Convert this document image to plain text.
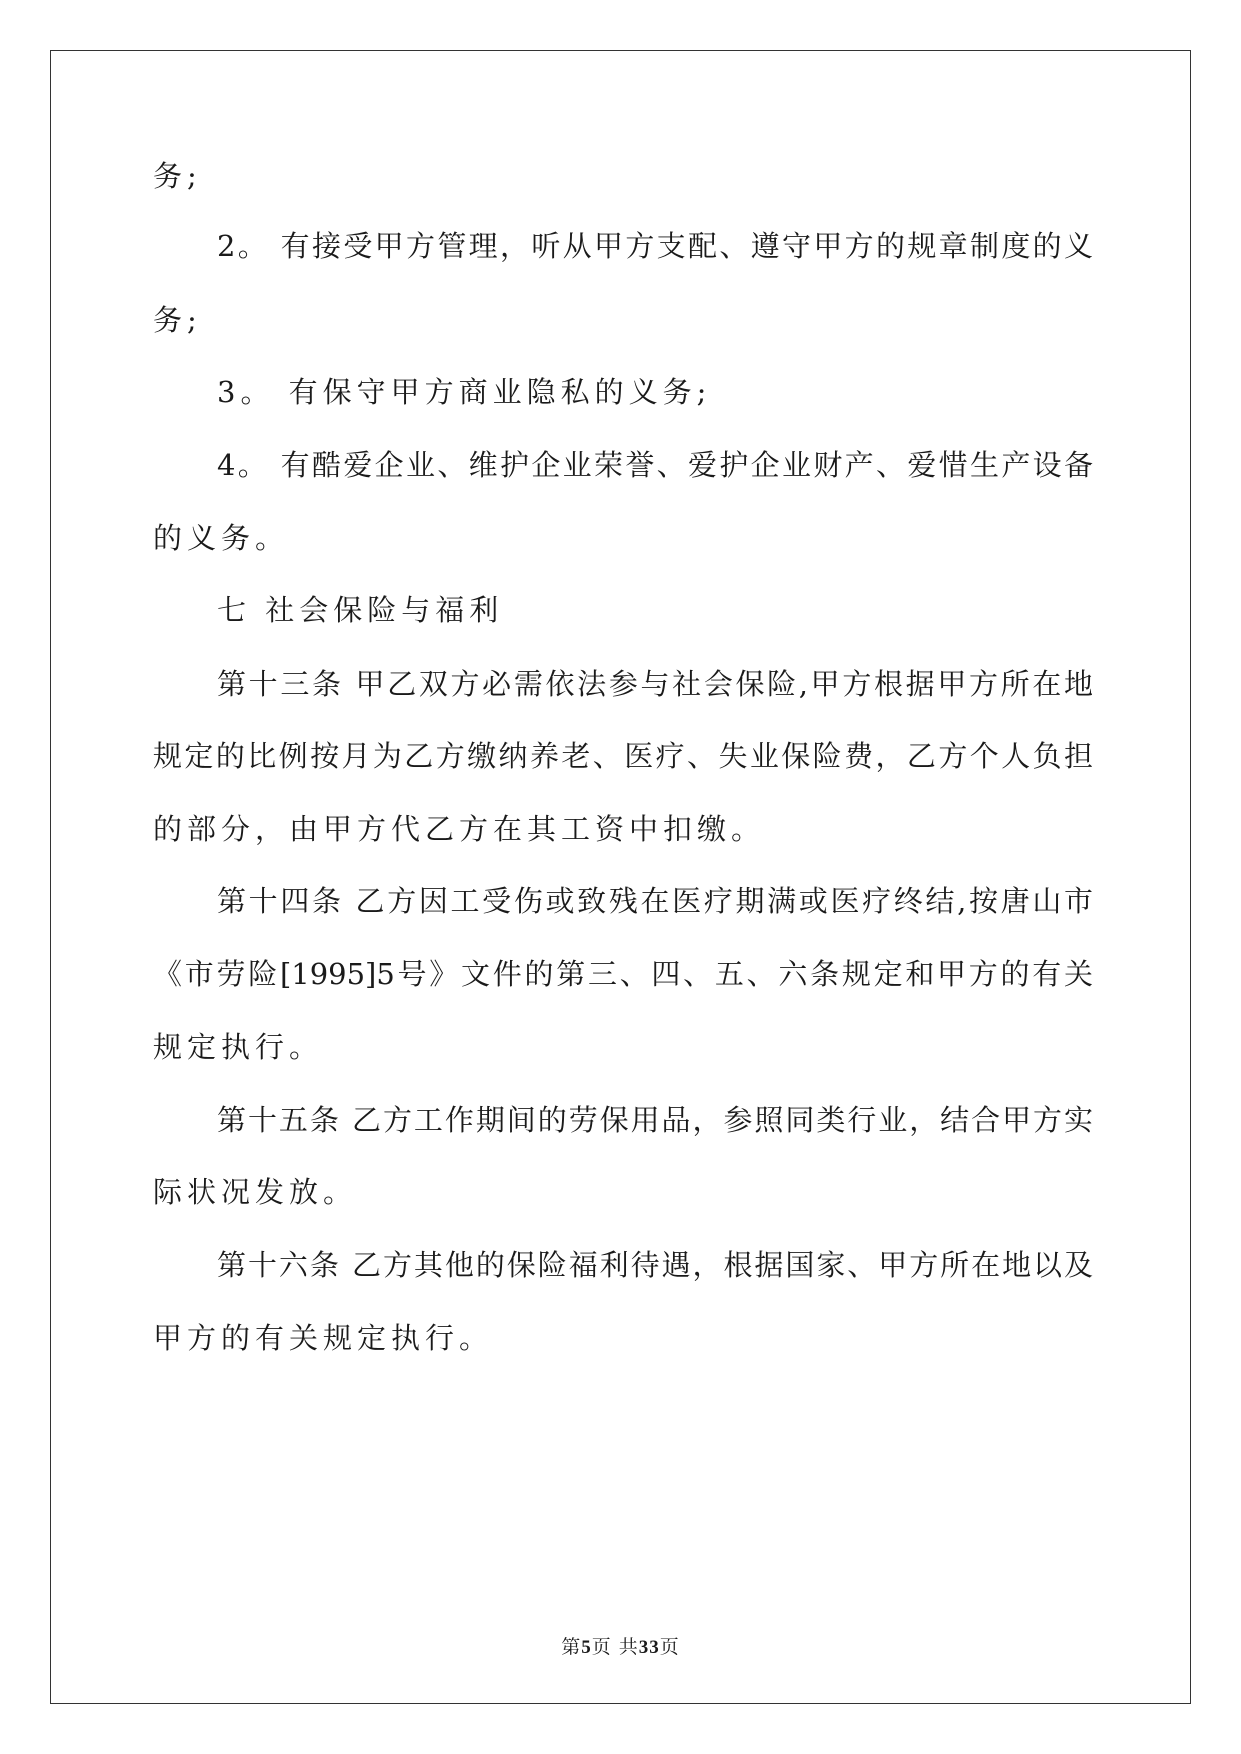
务;
2。 有接受甲方管理，听从甲方支配、遵守甲方的规章制度的义
务;
3。 有保守甲方商业隐私的义务;
4。 有酷爱企业、维护企业荣誉、爱护企业财产、爱惜生产设备
的义务。
七 社会保险与福利
第十三条 甲乙双方必需依法参与社会保险,甲方根据甲方所在地
规定的比例按月为乙方缴纳养老、医疗、失业保险费，乙方个人负担
的部分，由甲方代乙方在其工资中扣缴。
第十四条 乙方因工受伤或致残在医疗期满或医疗终结,按唐山市
《市劳险[1995]5号》文件的第三、四、五、六条规定和甲方的有关
规定执行。
第十五条 乙方工作期间的劳保用品，参照同类行业，结合甲方实
际状况发放。
第十六条 乙方其他的保险福利待遇，根据国家、甲方所在地以及
甲方的有关规定执行。
第5页 共33页
